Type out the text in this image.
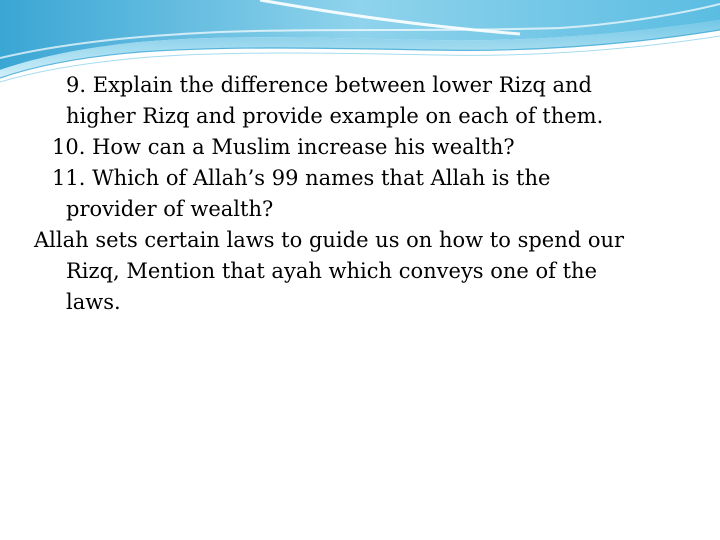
9. Explain the difference between lower Rizq and
higher Rizq and provide example on each of them.
10. How can a Muslim increase his wealth?
11. Which of Allah’s 99 names that Allah is the
provider of wealth?
Allah sets certain laws to guide us on how to spend our
Rizq, Mention that ayah which conveys one of the
laws.
